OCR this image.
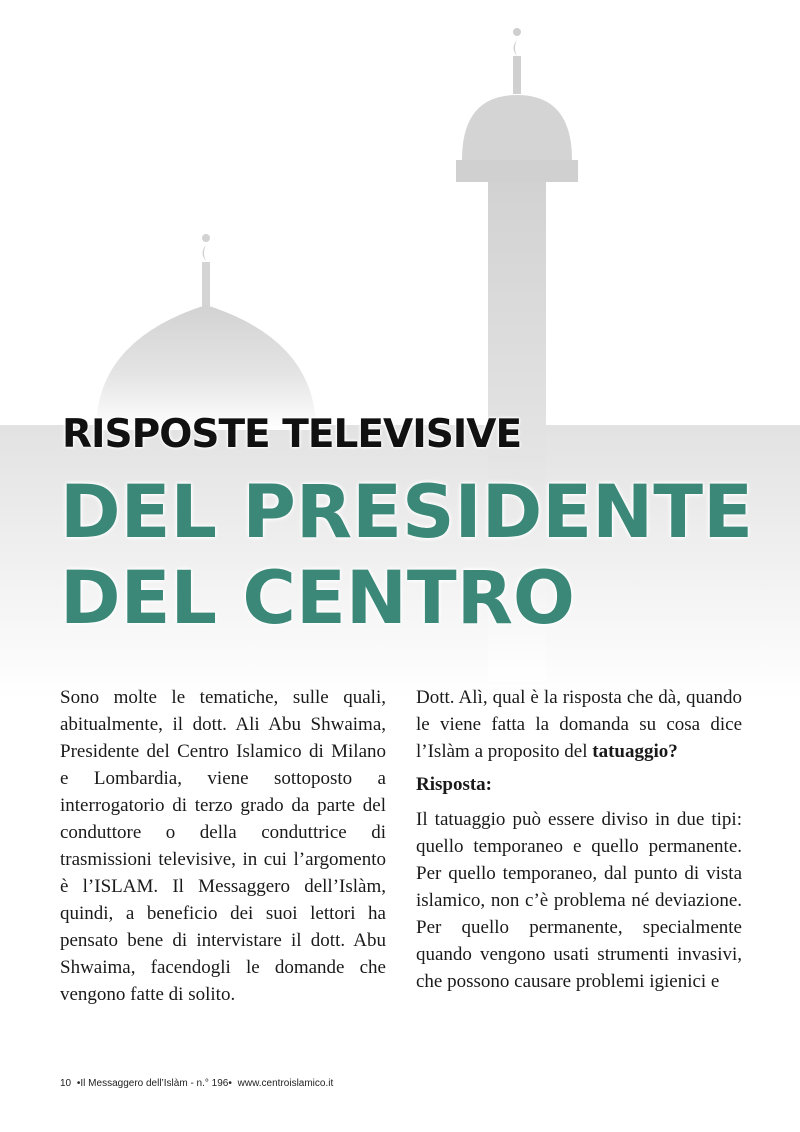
RISPOSTE TELEVISIVE
DEL PRESIDENTE
DEL CENTRO

Sono molte le tematiche, sulle quali, abitualmente, il dott. Ali Abu Shwaima, Presidente del Centro Islamico di Milano e Lombardia, viene sottoposto a interrogatorio di terzo grado da parte del conduttore o della conduttrice di trasmissioni televisive, in cui l’argomento è l’ISLAM. Il Messaggero dell’Islàm, quindi, a beneficio dei suoi lettori ha pensato bene di intervistare il dott. Abu Shwaima, facendogli le domande che vengono fatte di solito.

Dott. Alì, qual è la risposta che dà, quando le viene fatta la domanda su cosa dice l’Islàm a proposito del tatuaggio?

Risposta:

Il tatuaggio può essere diviso in due tipi: quello temporaneo e quello permanente. Per quello temporaneo, dal punto di vista islamico, non c’è problema né deviazione. Per quello permanente, specialmente quando vengono usati strumenti invasivi, che possono causare problemi igienici e

10 •Il Messaggero dell’Islàm - n.° 196• www.centroislamico.it
